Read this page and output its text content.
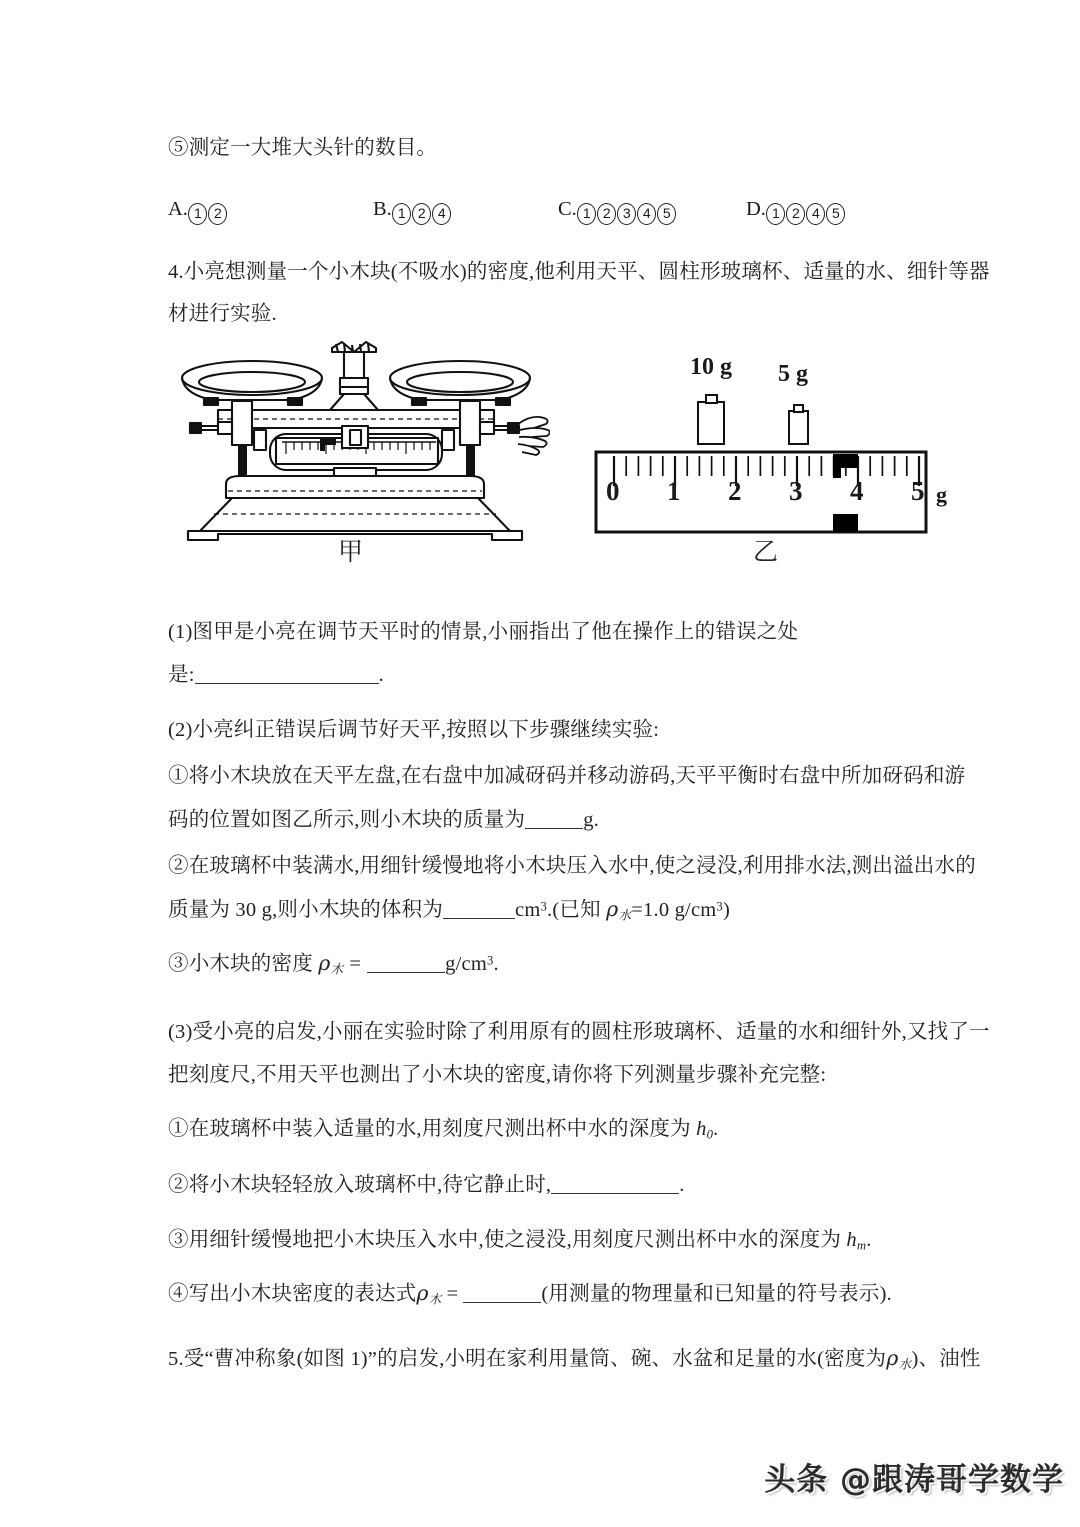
⑤测定一大堆大头针的数目。
A. 1 2	B. 1 2 4	C. 1 2 3 4 5	D. 1 2 4 5
4.小亮想测量一个小木块(不吸水)的密度,他利用天平、圆柱形玻璃杯、适量的水、细针等器
材进行实验.
甲
10 g 5 g
0 1 2 3 4 5 g
乙
(1)图甲是小亮在调节天平时的情景,小丽指出了他在操作上的错误之处
是:	.
(2)小亮纠正错误后调节好天平,按照以下步骤继续实验:
①将小木块放在天平左盘,在右盘中加减砑码并移动游码,天平平衡时右盘中所加砑码和游
码的位置如图乙所示,则小木块的质量为	g.
②在玻璃杯中装满水,用细针缓慢地将小木块压入水中,使之浸没,利用排水法,测出溢出水的
质量为 30 g,则小木块的体积为	$cm^3$.(已知 $\rho_水=1.0$ $g/cm^3$)
③小木块的密度 $\rho_木$ =	$g/cm^3$.
(3)受小亮的启发,小丽在实验时除了利用原有的圆柱形玻璃杯、适量的水和细针外,又找了一
把刻度尺,不用天平也测出了小木块的密度,请你将下列测量步骤补充完整:
①在玻璃杯中装入适量的水,用刻度尺测出杯中水的深度为 $h_0$.
②将小木块轻轻放入玻璃杯中,待它静止时,	.
③用细针缓慢地把小木块压入水中,使之浸没,用刻度尺测出杯中水的深度为 $h_m$.
④写出小木块密度的表达式$\rho_木$ =	(用测量的物理量和已知量的符号表示).
5.受“曹冲称象(如图 1)”的启发,小明在家利用量筒、碗、水盆和足量的水(密度为$\rho_水$)、油性
头条 @跟涛哥学数学
